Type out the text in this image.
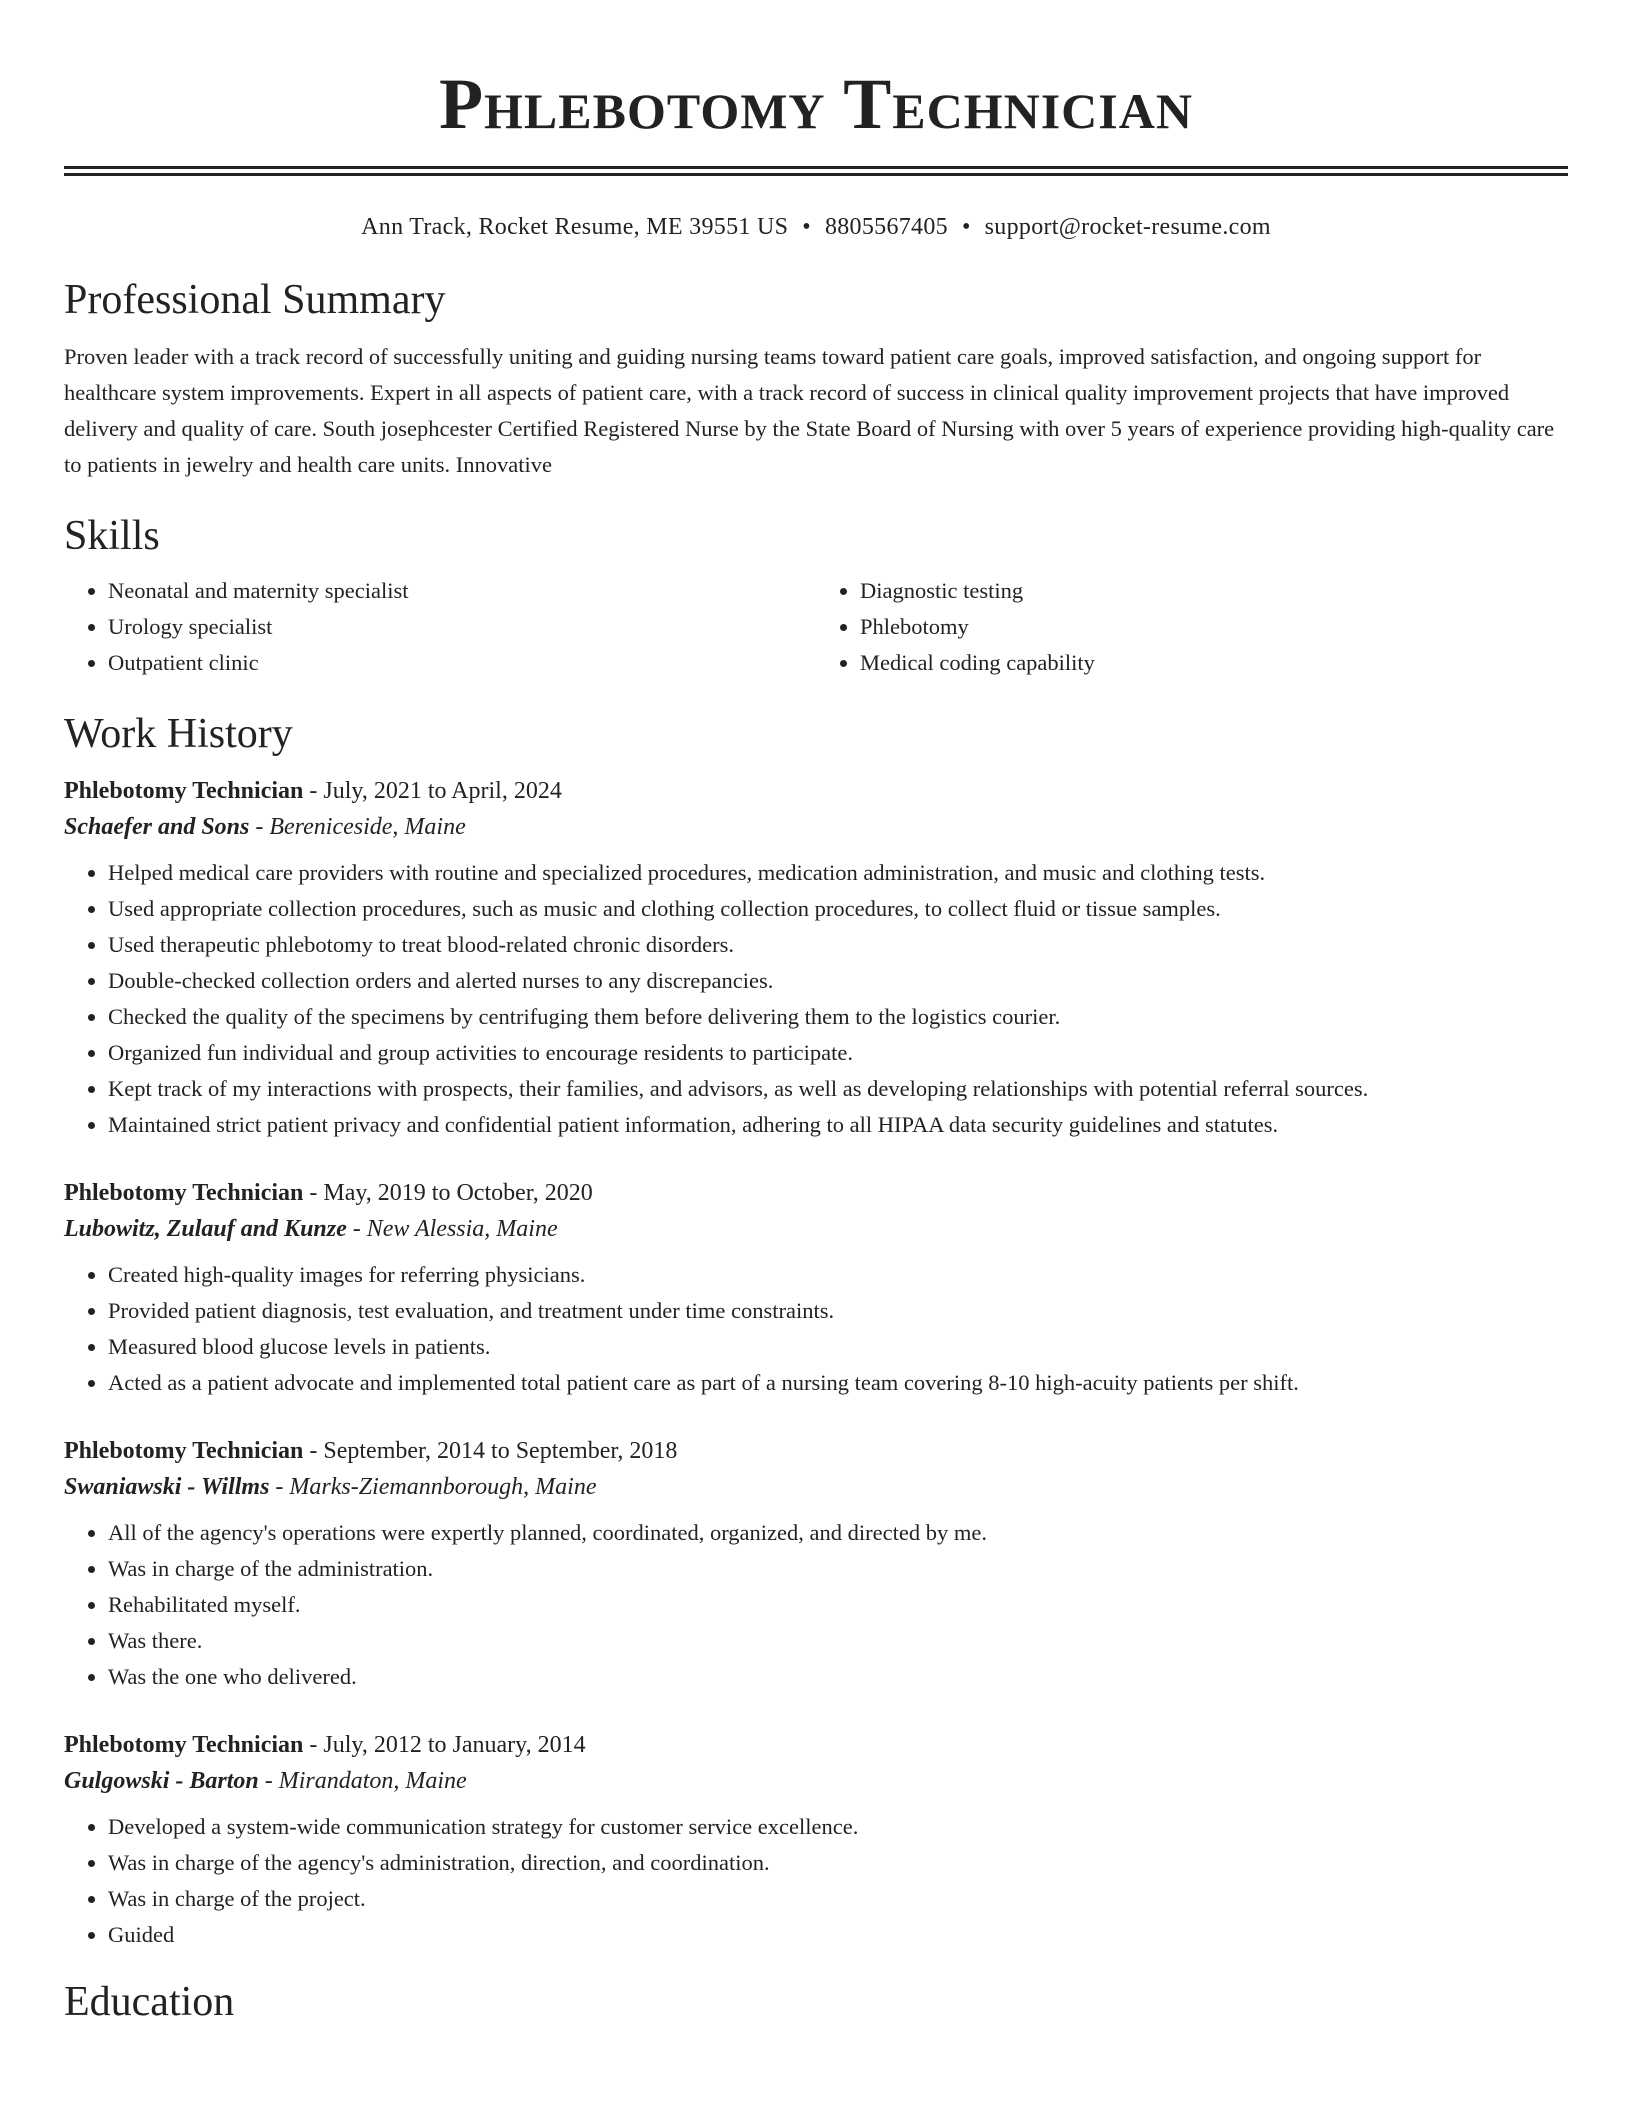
Phlebotomy Technician
Ann Track, Rocket Resume, ME 39551 US • 8805567405 • support@rocket-resume.com
Professional Summary
Proven leader with a track record of successfully uniting and guiding nursing teams toward patient care goals, improved satisfaction, and ongoing support for healthcare system improvements. Expert in all aspects of patient care, with a track record of success in clinical quality improvement projects that have improved delivery and quality of care. South josephcester Certified Registered Nurse by the State Board of Nursing with over 5 years of experience providing high-quality care to patients in jewelry and health care units. Innovative
Skills
• Neonatal and maternity specialist
• Urology specialist
• Outpatient clinic
• Diagnostic testing
• Phlebotomy
• Medical coding capability
Work History
Phlebotomy Technician - July, 2021 to April, 2024
Schaefer and Sons - Bereniceside, Maine
• Helped medical care providers with routine and specialized procedures, medication administration, and music and clothing tests.
• Used appropriate collection procedures, such as music and clothing collection procedures, to collect fluid or tissue samples.
• Used therapeutic phlebotomy to treat blood-related chronic disorders.
• Double-checked collection orders and alerted nurses to any discrepancies.
• Checked the quality of the specimens by centrifuging them before delivering them to the logistics courier.
• Organized fun individual and group activities to encourage residents to participate.
• Kept track of my interactions with prospects, their families, and advisors, as well as developing relationships with potential referral sources.
• Maintained strict patient privacy and confidential patient information, adhering to all HIPAA data security guidelines and statutes.
Phlebotomy Technician - May, 2019 to October, 2020
Lubowitz, Zulauf and Kunze - New Alessia, Maine
• Created high-quality images for referring physicians.
• Provided patient diagnosis, test evaluation, and treatment under time constraints.
• Measured blood glucose levels in patients.
• Acted as a patient advocate and implemented total patient care as part of a nursing team covering 8-10 high-acuity patients per shift.
Phlebotomy Technician - September, 2014 to September, 2018
Swaniawski - Willms - Marks-Ziemannborough, Maine
• All of the agency's operations were expertly planned, coordinated, organized, and directed by me.
• Was in charge of the administration.
• Rehabilitated myself.
• Was there.
• Was the one who delivered.
Phlebotomy Technician - July, 2012 to January, 2014
Gulgowski - Barton - Mirandaton, Maine
• Developed a system-wide communication strategy for customer service excellence.
• Was in charge of the agency's administration, direction, and coordination.
• Was in charge of the project.
• Guided
Education
